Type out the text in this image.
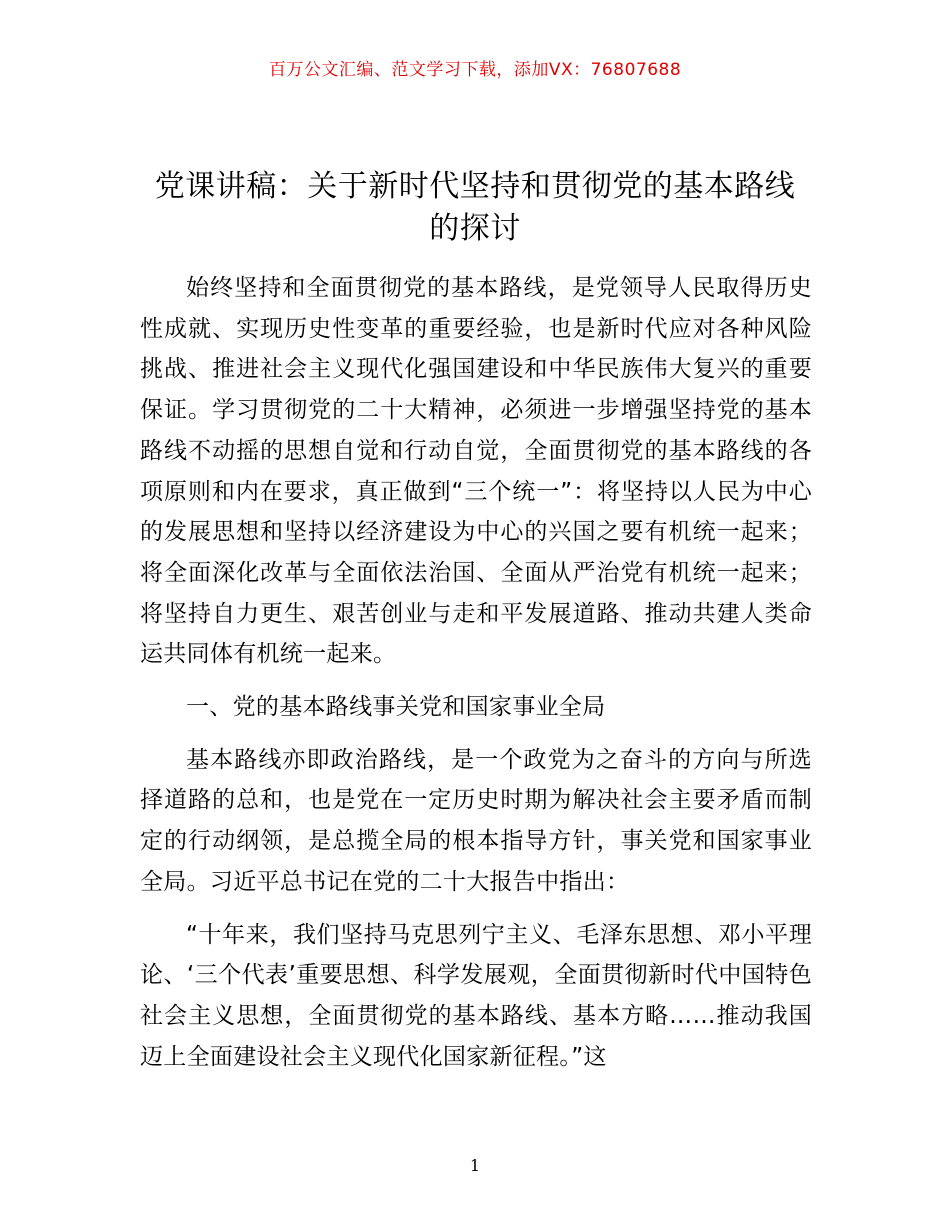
百万公文汇编、范文学习下载，添加VX：76807688
党课讲稿：关于新时代坚持和贯彻党的基本路线的探讨

始终坚持和全面贯彻党的基本路线，是党领导人民取得历史性成就、实现历史性变革的重要经验，也是新时代应对各种风险挑战、推进社会主义现代化强国建设和中华民族伟大复兴的重要保证。学习贯彻党的二十大精神，必须进一步增强坚持党的基本路线不动摇的思想自觉和行动自觉，全面贯彻党的基本路线的各项原则和内在要求，真正做到“三个统一”：将坚持以人民为中心的发展思想和坚持以经济建设为中心的兴国之要有机统一起来；将全面深化改革与全面依法治国、全面从严治党有机统一起来；将坚持自力更生、艰苦创业与走和平发展道路、推动共建人类命运共同体有机统一起来。

一、党的基本路线事关党和国家事业全局

基本路线亦即政治路线，是一个政党为之奋斗的方向与所选择道路的总和，也是党在一定历史时期为解决社会主要矛盾而制定的行动纲领，是总揽全局的根本指导方针，事关党和国家事业全局。习近平总书记在党的二十大报告中指出：

“十年来，我们坚持马克思列宁主义、毛泽东思想、邓小平理论、‘三个代表’重要思想、科学发展观，全面贯彻新时代中国特色社会主义思想，全面贯彻党的基本路线、基本方略……推动我国迈上全面建设社会主义现代化国家新征程。”这

1
